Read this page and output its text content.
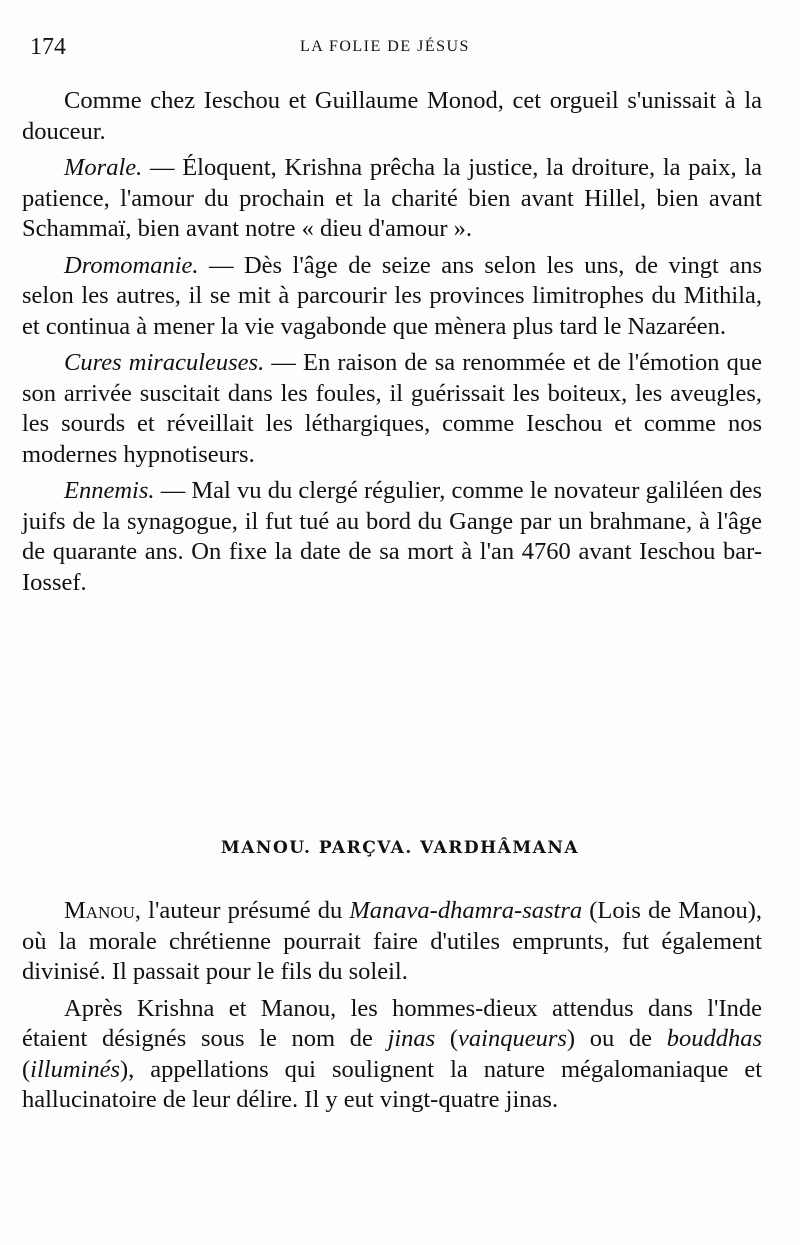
174	LA FOLIE DE JÉSUS

Comme chez Ieschou et Guillaume Monod, cet orgueil s'unissait à la douceur.

Morale. — Éloquent, Krishna prêcha la justice, la droiture, la paix, la patience, l'amour du prochain et la charité bien avant Hillel, bien avant Schammaï, bien avant notre « dieu d'amour ».

Dromomanie. — Dès l'âge de seize ans selon les uns, de vingt ans selon les autres, il se mit à parcourir les provinces limitrophes du Mithila, et continua à mener la vie vagabonde que mènera plus tard le Nazaréen.

Cures miraculeuses. — En raison de sa renommée et de l'émotion que son arrivée suscitait dans les foules, il guérissait les boiteux, les aveugles, les sourds et réveillait les léthargiques, comme Ieschou et comme nos modernes hypnotiseurs.

Ennemis. — Mal vu du clergé régulier, comme le novateur galiléen des juifs de la synagogue, il fut tué au bord du Gange par un brahmane, à l'âge de quarante ans. On fixe la date de sa mort à l'an 4760 avant Ieschou bar-Iossef.

MANOU. PARÇVA. VARDHÂMANA

Manou, l'auteur présumé du Manava-dhamra-sastra (Lois de Manou), où la morale chrétienne pourrait faire d'utiles emprunts, fut également divinisé. Il passait pour le fils du soleil.

Après Krishna et Manou, les hommes-dieux attendus dans l'Inde étaient désignés sous le nom de jinas (vainqueurs) ou de bouddhas (illuminés), appellations qui soulignent la nature mégalomaniaque et hallucinatoire de leur délire. Il y eut vingt-quatre jinas.
